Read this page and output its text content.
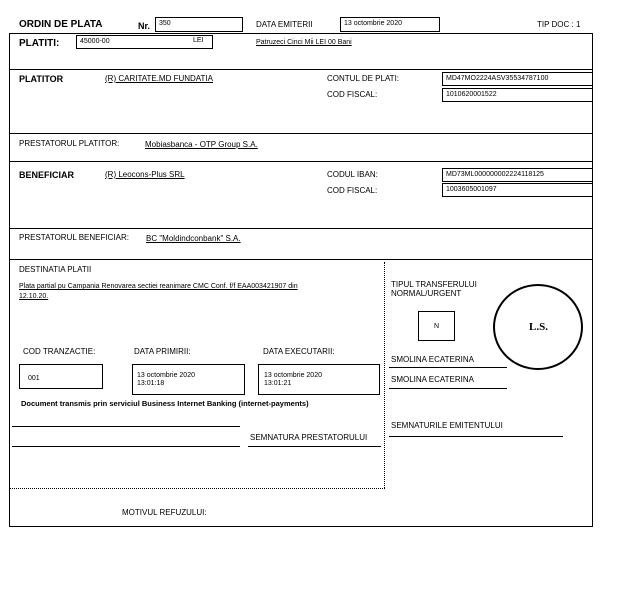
ORDIN DE PLATA	Nr.	350	DATA EMITERII	13 octombrie 2020	TIP DOC : 1
PLATITI:	45000-00	LEI	Patruzeci Cinci Mii LEI 00 Bani
PLATITOR	(R) CARITATE.MD FUNDATIA	CONTUL DE PLATI:	MD47MO2224ASV35534787100
COD FISCAL:	1010620001522
PRESTATORUL PLATITOR:	Mobiasbanca - OTP Group S.A.
BENEFICIAR	(R) Leocons-Plus SRL	CODUL IBAN:	MD73ML000000002224118125
COD FISCAL:	1003605001097
PRESTATORUL BENEFICIAR: BC "Moldindconbank" S.A.
DESTINATIA PLATII
Plata partial pu Campania Renovarea sectiei reanimare CMC Conf. f/f EAA003421907 din
12.10.20.
TIPUL TRANSFERULUI
NORMAL/URGENT
N	L.S.
SMOLINA ECATERINA
SMOLINA ECATERINA
SEMNATURILE EMITENTULUI
COD TRANZACTIE:
001
DATA PRIMIRII:
13 octombrie 2020
13:01:18
DATA EXECUTARII:
13 octombrie 2020
13:01:21
Document transmis prin serviciul Business Internet Banking (internet-payments)
SEMNATURA PRESTATORULUI
MOTIVUL REFUZULUI:
